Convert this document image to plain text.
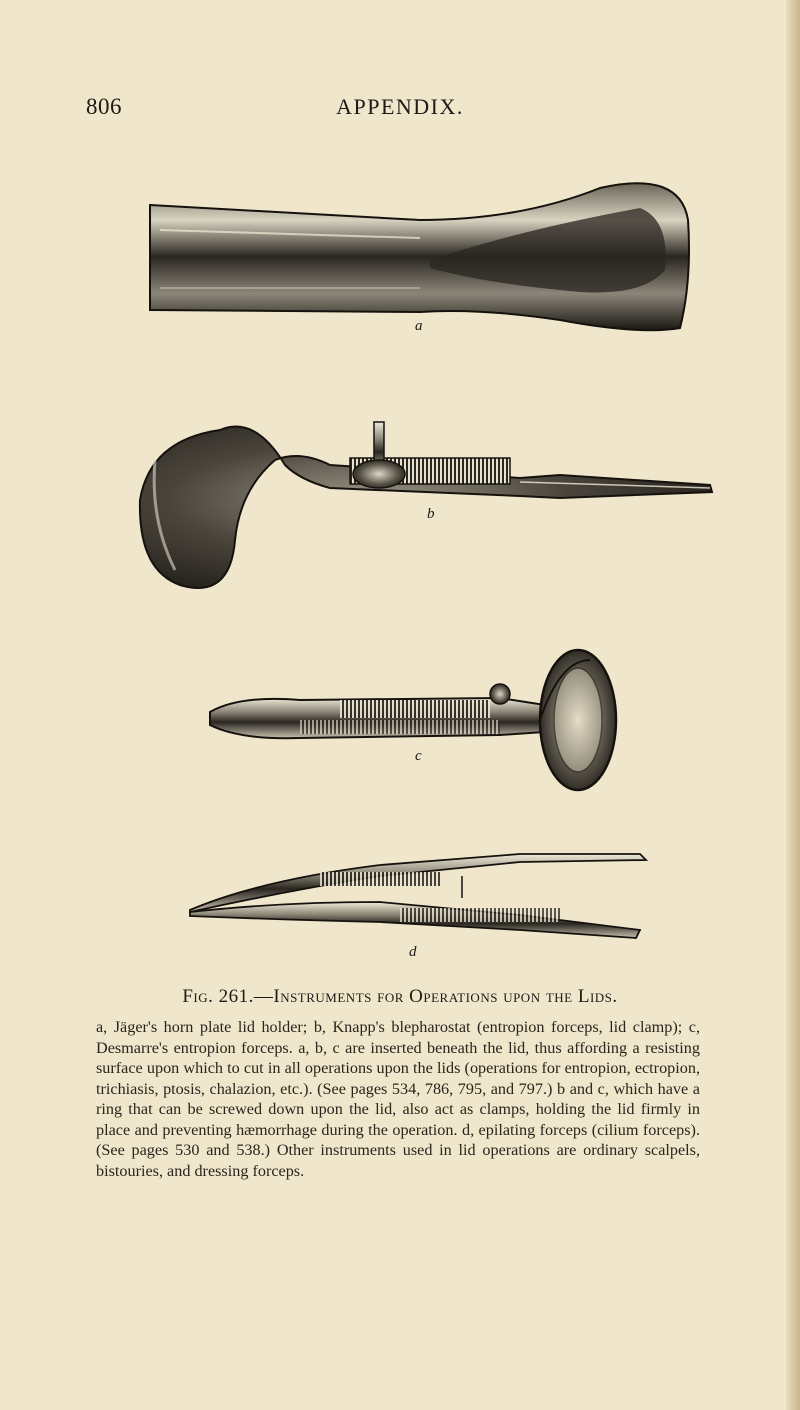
806	APPENDIX.
a
b
c
d
Fig. 261.—Instruments for Operations upon the Lids.
a, Jäger's horn plate lid holder; b, Knapp's blepharostat (entropion forceps, lid clamp); c, Desmarre's entropion forceps. a, b, c are inserted beneath the lid, thus affording a resisting surface upon which to cut in all operations upon the lids (operations for entropion, ectropion, trichiasis, ptosis, chalazion, etc.). (See pages 534, 786, 795, and 797.) b and c, which have a ring that can be screwed down upon the lid, also act as clamps, holding the lid firmly in place and preventing hæmorrhage during the operation. d, epilating forceps (cilium forceps). (See pages 530 and 538.) Other instruments used in lid operations are ordinary scalpels, bistouries, and dressing forceps.
